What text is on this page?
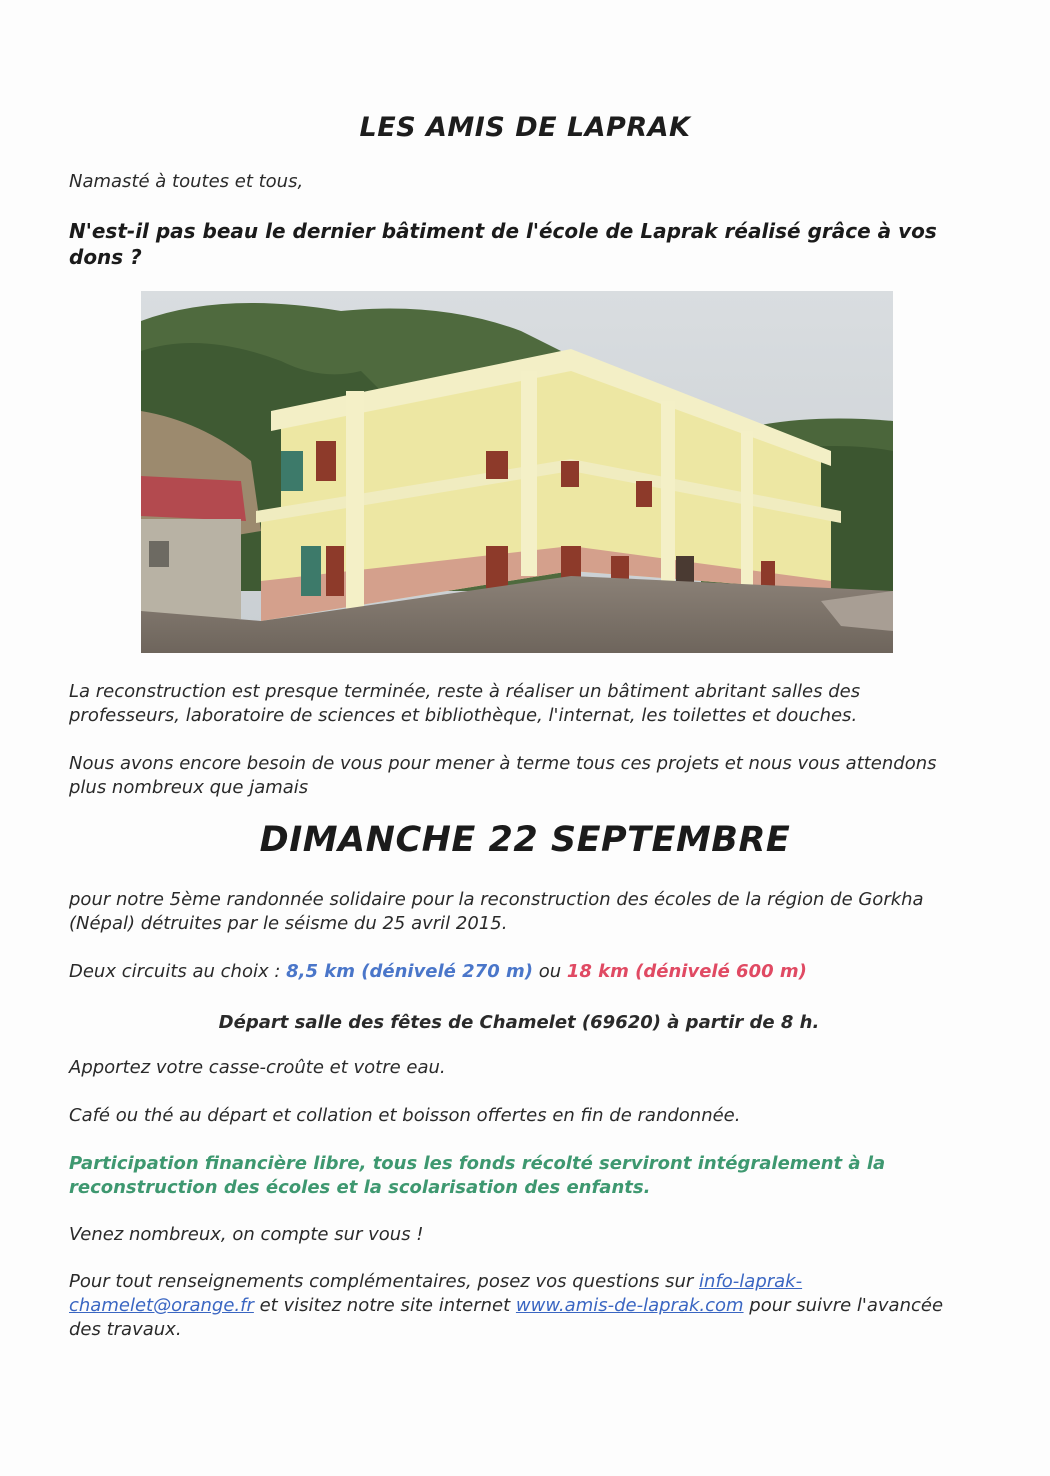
LES AMIS DE LAPRAK
Namasté à toutes et tous,
N'est-il pas beau le dernier bâtiment de l'école de Laprak réalisé grâce à vos dons ?
La reconstruction est presque terminée, reste à réaliser un bâtiment abritant salles des professeurs, laboratoire de sciences et bibliothèque, l'internat, les toilettes et douches.
Nous avons encore besoin de vous pour mener à terme tous ces projets et nous vous attendons plus nombreux que jamais
DIMANCHE 22 SEPTEMBRE
pour notre 5ème randonnée solidaire pour la reconstruction des écoles de la région de Gorkha (Népal) détruites par le séisme du 25 avril 2015.
Deux circuits au choix : 8,5 km (dénivelé 270 m) ou 18 km (dénivelé 600 m)
Départ salle des fêtes de Chamelet (69620) à partir de 8 h.
Apportez votre casse-croûte et votre eau.
Café ou thé au départ et collation et boisson offertes en fin de randonnée.
Participation financière libre, tous les fonds récolté serviront intégralement à la reconstruction des écoles et la scolarisation des enfants.
Venez nombreux, on compte sur vous !
Pour tout renseignements complémentaires, posez vos questions sur info-laprak-chamelet@orange.fr et visitez notre site internet www.amis-de-laprak.com pour suivre l'avancée des travaux.
